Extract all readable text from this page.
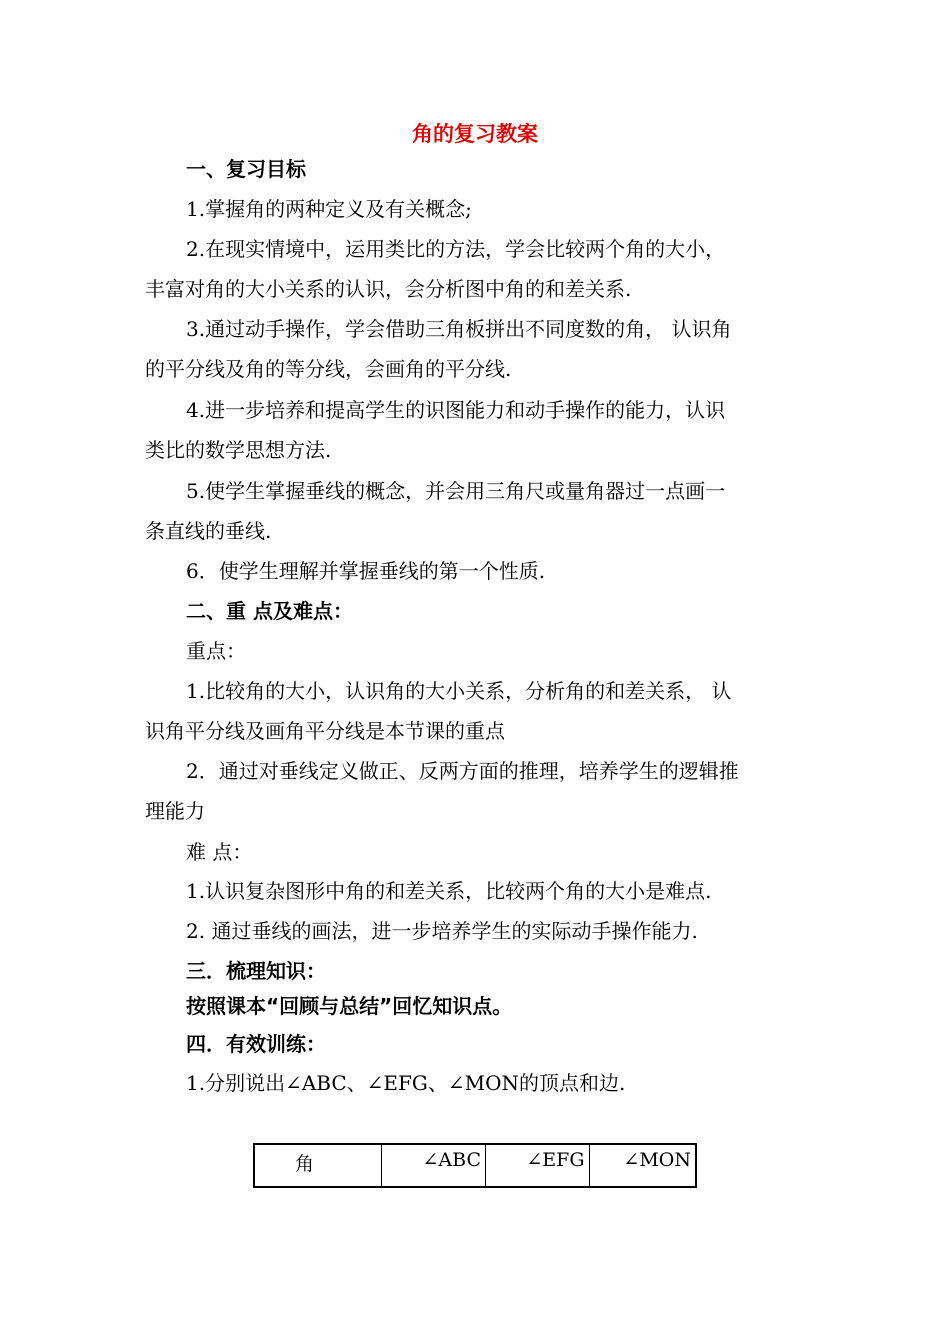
角的复习教案
一、复习目标
1.掌握角的两种定义及有关概念;
2.在现实情境中，运用类比的方法，学会比较两个角的大小，
丰富对角的大小关系的认识，会分析图中角的和差关系.
3.通过动手操作，学会借助三角板拼出不同度数的角， 认识角
的平分线及角的等分线，会画角的平分线.
4.进一步培养和提高学生的识图能力和动手操作的能力，认识
类比的数学思想方法.
5.使学生掌握垂线的概念，并会用三角尺或量角器过一点画一
条直线的垂线.
6．使学生理解并掌握垂线的第一个性质.
二、重 点及难点：
重点：
1.比较角的大小，认识角的大小关系，分析角的和差关系， 认
识角平分线及画角平分线是本节课的重点
2．通过对垂线定义做正、反两方面的推理，培养学生的逻辑推
理能力
难 点：
1.认识复杂图形中角的和差关系，比较两个角的大小是难点.
2. 通过垂线的画法，进一步培养学生的实际动手操作能力.
三．梳理知识：
按照课本“回顾与总结”回忆知识点。
四．有效训练：
1.分别说出∠ABC、∠EFG、∠MON的顶点和边.
角	∠ABC	∠EFG	∠MON
